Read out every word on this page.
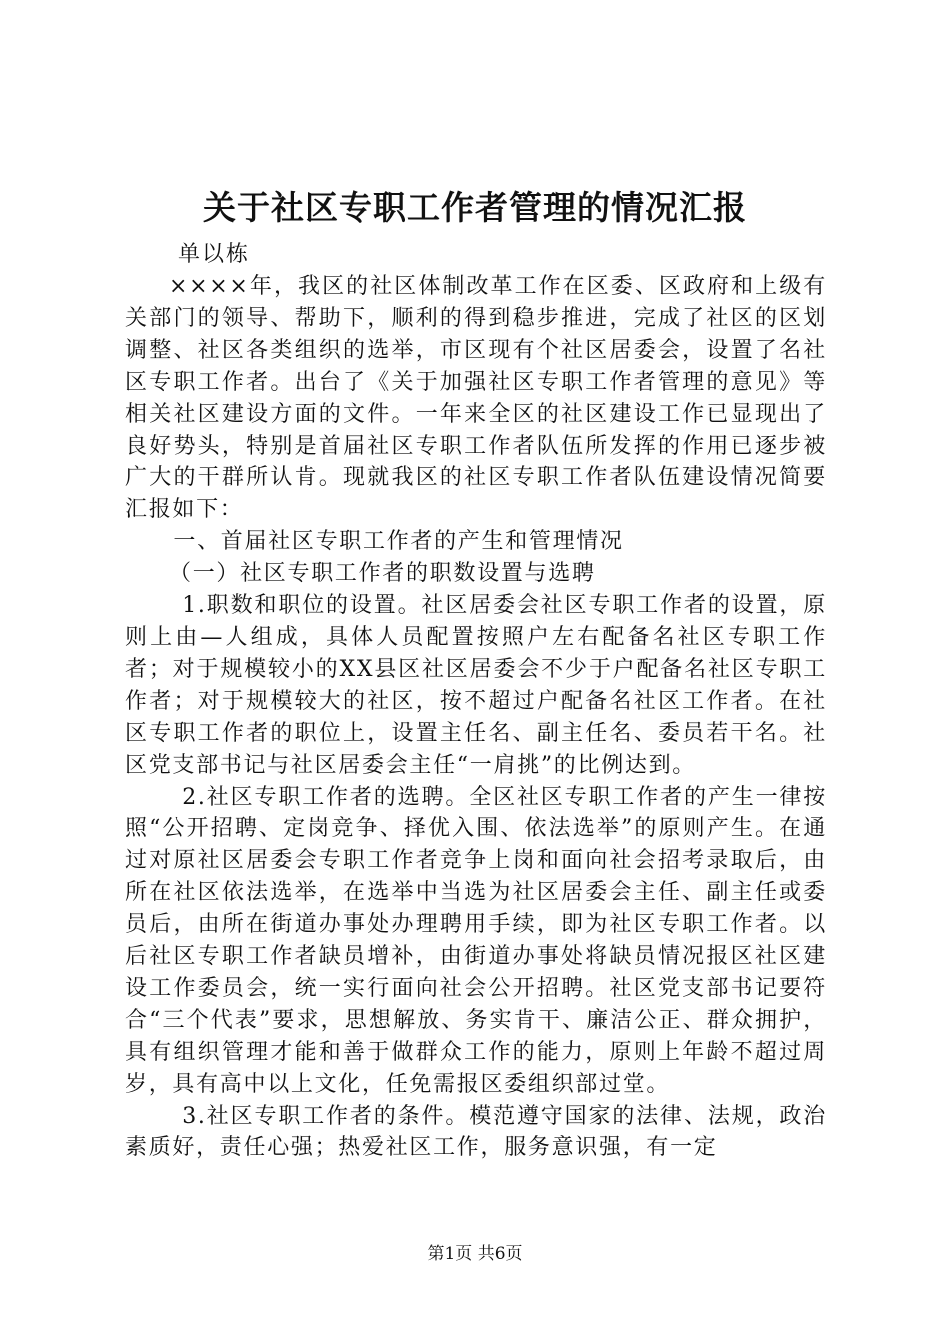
关于社区专职工作者管理的情况汇报
单以栋

××××年，我区的社区体制改革工作在区委、区政府和上级有关部门的领导、帮助下，顺利的得到稳步推进，完成了社区的区划调整、社区各类组织的选举，市区现有个社区居委会，设置了名社区专职工作者。出台了《关于加强社区专职工作者管理的意见》等相关社区建设方面的文件。一年来全区的社区建设工作已显现出了良好势头，特别是首届社区专职工作者队伍所发挥的作用已逐步被广大的干群所认肯。现就我区的社区专职工作者队伍建设情况简要汇报如下：

一、首届社区专职工作者的产生和管理情况

（一）社区专职工作者的职数设置与选聘

1.职数和职位的设置。社区居委会社区专职工作者的设置，原则上由—人组成，具体人员配置按照户左右配备名社区专职工作者；对于规模较小的XX县区社区居委会不少于户配备名社区专职工作者；对于规模较大的社区，按不超过户配备名社区工作者。在社区专职工作者的职位上，设置主任名、副主任名、委员若干名。社区党支部书记与社区居委会主任“一肩挑”的比例达到。

2.社区专职工作者的选聘。全区社区专职工作者的产生一律按照“公开招聘、定岗竞争、择优入围、依法选举”的原则产生。在通过对原社区居委会专职工作者竞争上岗和面向社会招考录取后，由所在社区依法选举，在选举中当选为社区居委会主任、副主任或委员后，由所在街道办事处办理聘用手续，即为社区专职工作者。以后社区专职工作者缺员增补，由街道办事处将缺员情况报区社区建设工作委员会，统一实行面向社会公开招聘。社区党支部书记要符合“三个代表”要求，思想解放、务实肯干、廉洁公正、群众拥护，具有组织管理才能和善于做群众工作的能力，原则上年龄不超过周岁，具有高中以上文化，任免需报区委组织部过堂。

3.社区专职工作者的条件。模范遵守国家的法律、法规，政治素质好，责任心强；热爱社区工作，服务意识强，有一定

第1页 共6页
